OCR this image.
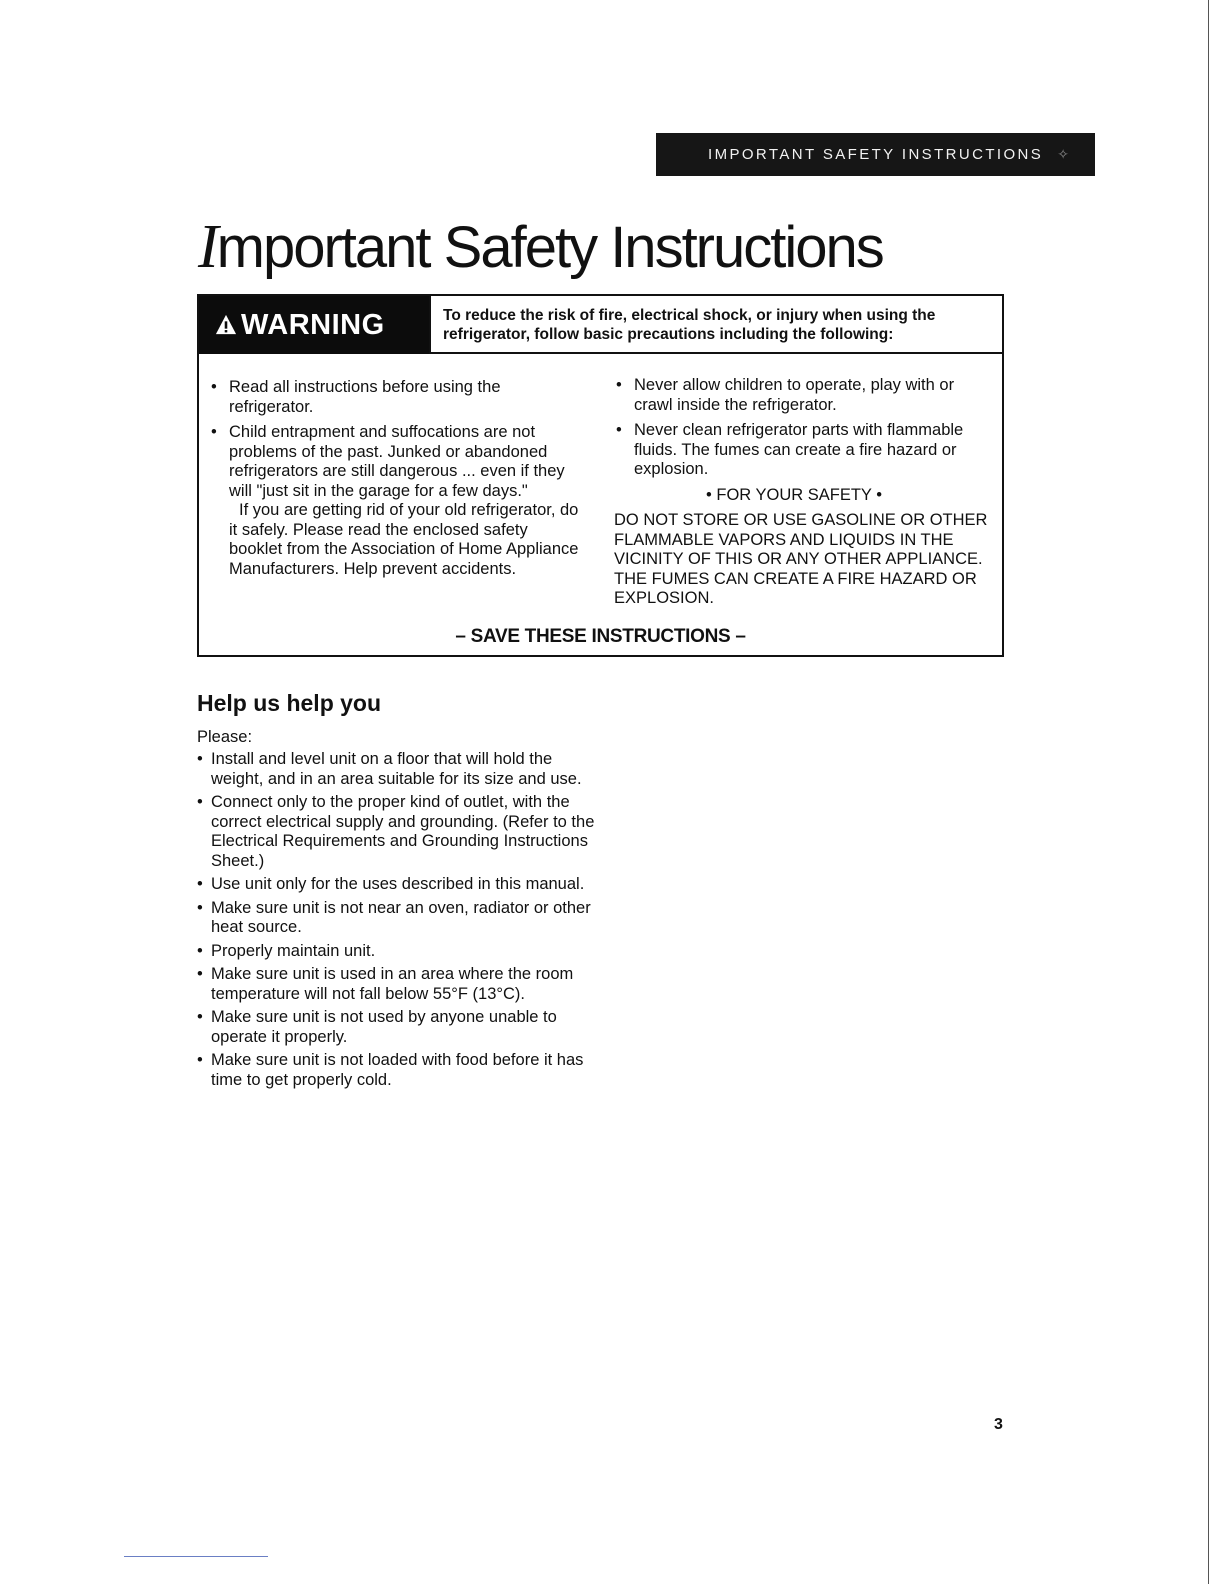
IMPORTANT SAFETY INSTRUCTIONS ✧
Important Safety Instructions
WARNING	To reduce the risk of fire, electrical shock, or injury when using the refrigerator, follow basic precautions including the following:
• Read all instructions before using the refrigerator.
• Child entrapment and suffocations are not problems of the past. Junked or abandoned refrigerators are still dangerous ... even if they will "just sit in the garage for a few days."
If you are getting rid of your old refrigerator, do it safely. Please read the enclosed safety booklet from the Association of Home Appliance Manufacturers. Help prevent accidents.
• Never allow children to operate, play with or crawl inside the refrigerator.
• Never clean refrigerator parts with flammable fluids. The fumes can create a fire hazard or explosion.
• FOR YOUR SAFETY •
DO NOT STORE OR USE GASOLINE OR OTHER FLAMMABLE VAPORS AND LIQUIDS IN THE VICINITY OF THIS OR ANY OTHER APPLIANCE. THE FUMES CAN CREATE A FIRE HAZARD OR EXPLOSION.
– SAVE THESE INSTRUCTIONS –
Help us help you
Please:
• Install and level unit on a floor that will hold the weight, and in an area suitable for its size and use.
• Connect only to the proper kind of outlet, with the correct electrical supply and grounding. (Refer to the Electrical Requirements and Grounding Instructions Sheet.)
• Use unit only for the uses described in this manual.
• Make sure unit is not near an oven, radiator or other heat source.
• Properly maintain unit.
• Make sure unit is used in an area where the room temperature will not fall below 55°F (13°C).
• Make sure unit is not used by anyone unable to operate it properly.
• Make sure unit is not loaded with food before it has time to get properly cold.
3
